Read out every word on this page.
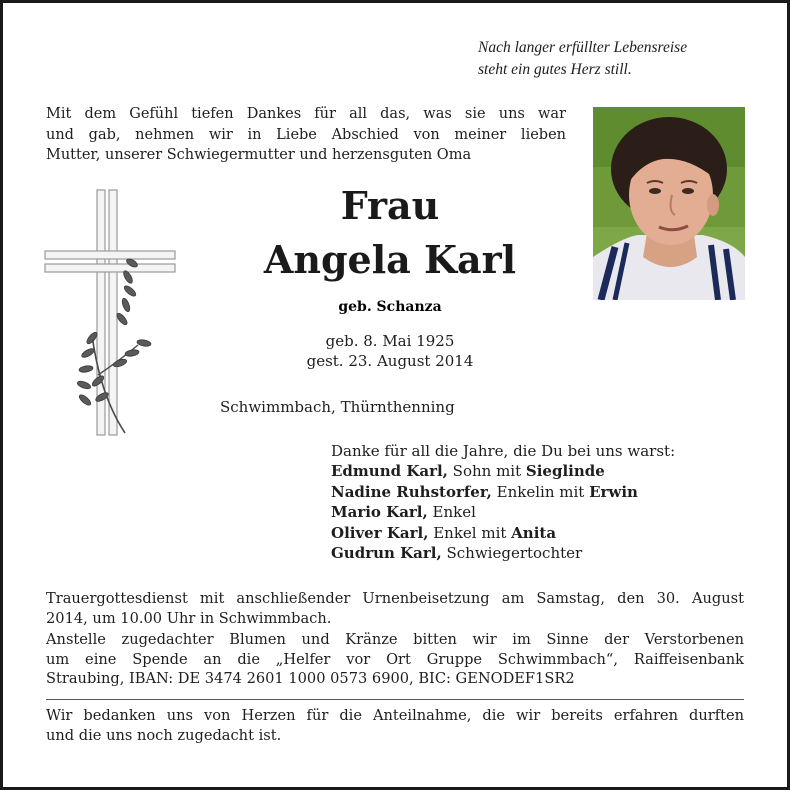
Nach langer erfüllter Lebensreise
steht ein gutes Herz still.
Mit dem Gefühl tiefen Dankes für all das, was sie uns war
und gab, nehmen wir in Liebe Abschied von meiner lieben
Mutter, unserer Schwiegermutter und herzensguten Oma
Frau
Angela Karl
geb. Schanza
geb. 8. Mai 1925
gest. 23. August 2014
Schwimmbach, Thürnthenning
Danke für all die Jahre, die Du bei uns warst:
Edmund Karl, Sohn mit Sieglinde
Nadine Ruhstorfer, Enkelin mit Erwin
Mario Karl, Enkel
Oliver Karl, Enkel mit Anita
Gudrun Karl, Schwiegertochter
Trauergottesdienst mit anschließender Urnenbeisetzung am Samstag, den 30. August
2014, um 10.00 Uhr in Schwimmbach.
Anstelle zugedachter Blumen und Kränze bitten wir im Sinne der Verstorbenen
um eine Spende an die „Helfer vor Ort Gruppe Schwimmbach“, Raiffeisenbank
Straubing, IBAN: DE 3474 2601 1000 0573 6900, BIC: GENODEF1SR2
Wir bedanken uns von Herzen für die Anteilnahme, die wir bereits erfahren durften
und die uns noch zugedacht ist.
